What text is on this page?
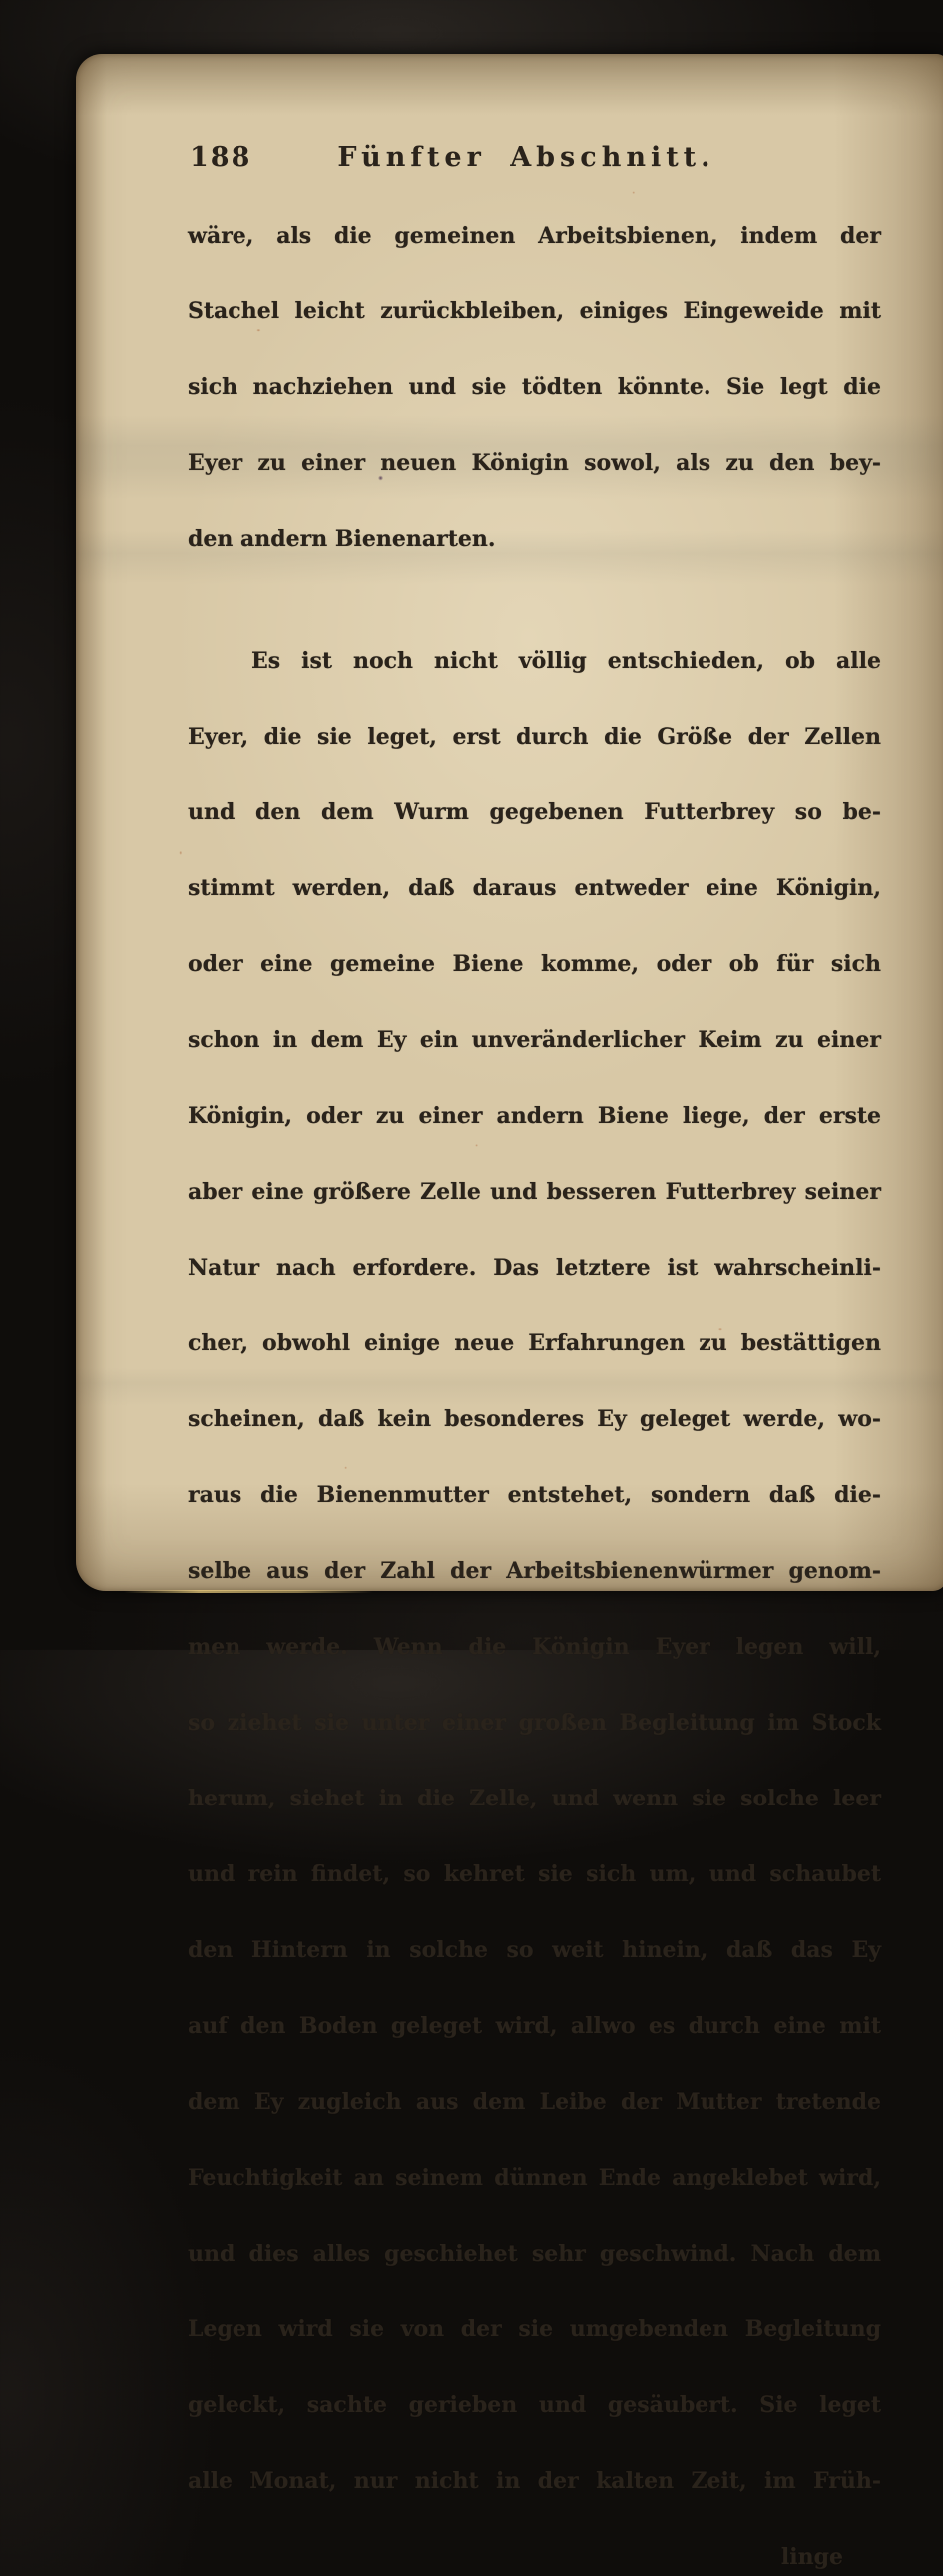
188	Fünfter Abschnitt.
wäre, als die gemeinen Arbeitsbienen, indem der
Stachel leicht zurückbleiben, einiges Eingeweide mit
sich nachziehen und sie tödten könnte. Sie legt die
Eyer zu einer neuen Königin sowol, als zu den bey-
den andern Bienenarten.
Es ist noch nicht völlig entschieden, ob alle
Eyer, die sie leget, erst durch die Größe der Zellen
und den dem Wurm gegebenen Futterbrey so be-
stimmt werden, daß daraus entweder eine Königin,
oder eine gemeine Biene komme, oder ob für sich
schon in dem Ey ein unveränderlicher Keim zu einer
Königin, oder zu einer andern Biene liege, der erste
aber eine größere Zelle und besseren Futterbrey seiner
Natur nach erfordere. Das letztere ist wahrscheinli-
cher, obwohl einige neue Erfahrungen zu bestättigen
scheinen, daß kein besonderes Ey geleget werde, wo-
raus die Bienenmutter entstehet, sondern daß die-
selbe aus der Zahl der Arbeitsbienenwürmer genom-
men werde. Wenn die Königin Eyer legen will,
so ziehet sie unter einer großen Begleitung im Stock
herum, siehet in die Zelle, und wenn sie solche leer
und rein findet, so kehret sie sich um, und schaubet
den Hintern in solche so weit hinein, daß das Ey
auf den Boden geleget wird, allwo es durch eine mit
dem Ey zugleich aus dem Leibe der Mutter tretende
Feuchtigkeit an seinem dünnen Ende angeklebet wird,
und dies alles geschiehet sehr geschwind. Nach dem
Legen wird sie von der sie umgebenden Begleitung
geleckt, sachte gerieben und gesäubert. Sie leget
alle Monat, nur nicht in der kalten Zeit, im Früh-
linge
